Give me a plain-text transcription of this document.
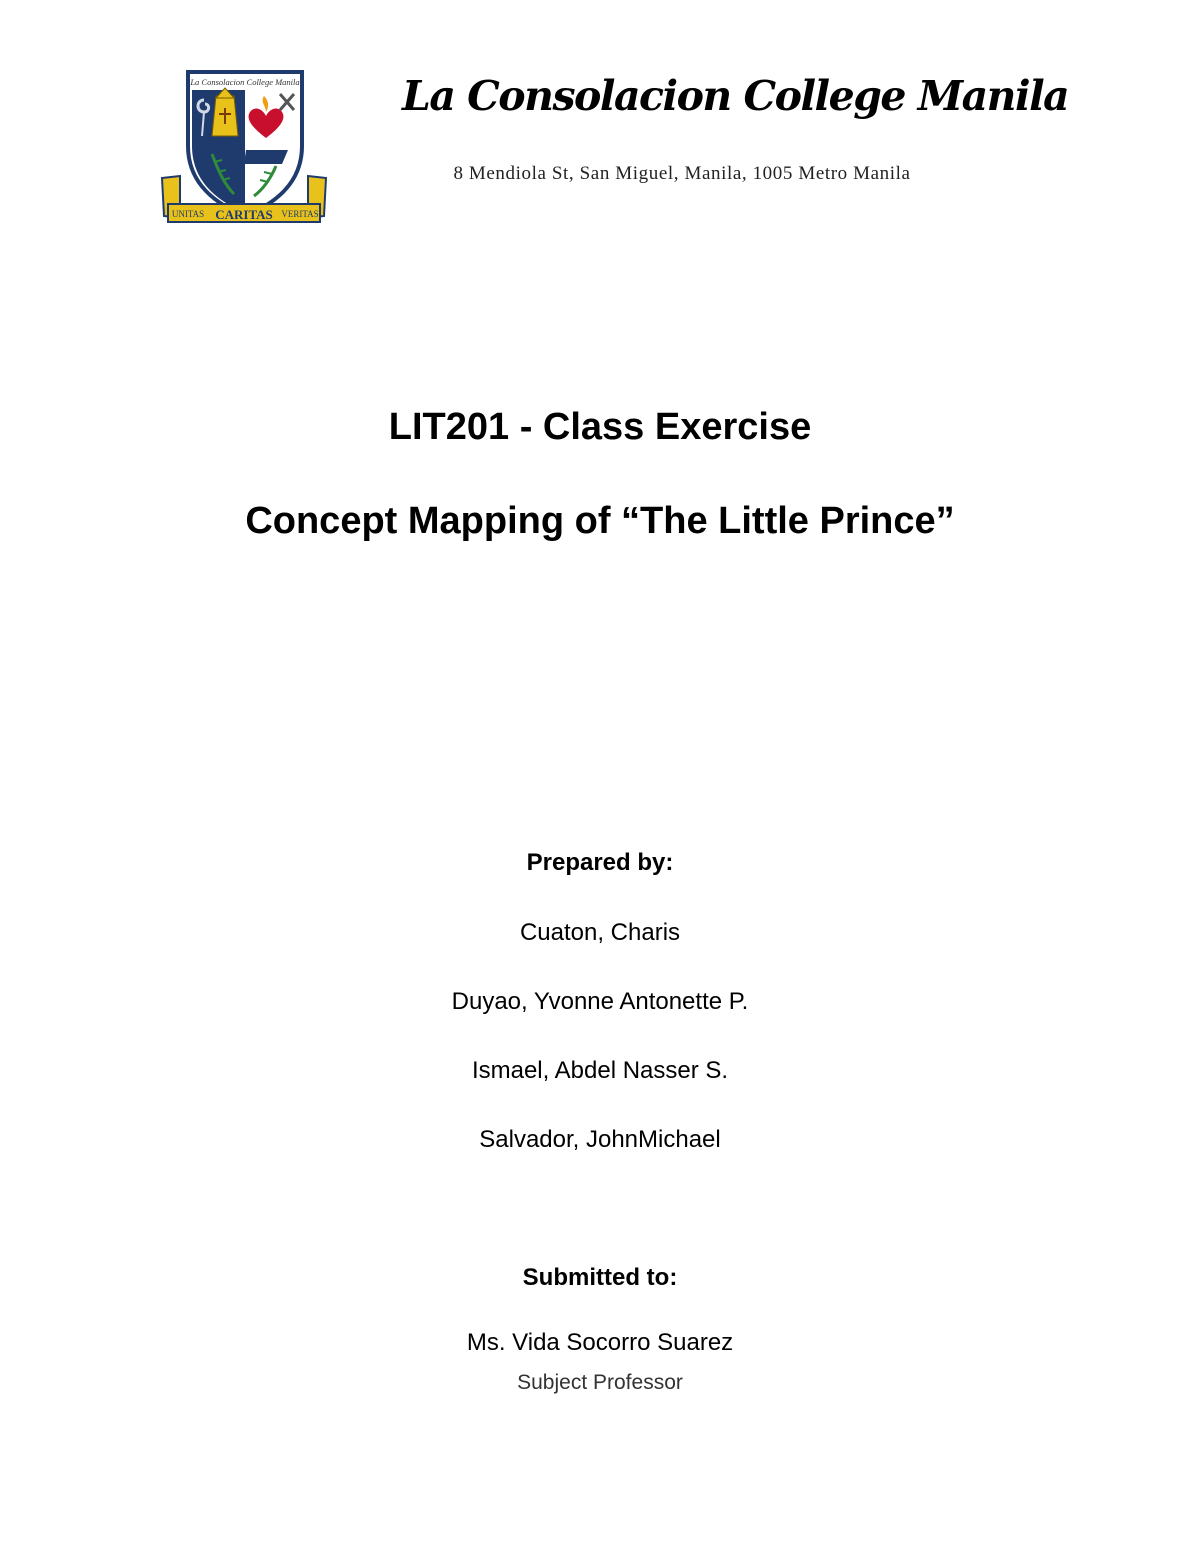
La Consolacion College Manila
UNITAS CARITAS VERITAS
La Consolacion College Manila
8 Mendiola St, San Miguel, Manila, 1005 Metro Manila
LIT201 - Class Exercise
Concept Mapping of “The Little Prince”
Prepared by:
Cuaton, Charis
Duyao, Yvonne Antonette P.
Ismael, Abdel Nasser S.
Salvador, JohnMichael
Submitted to:
Ms. Vida Socorro Suarez
Subject Professor
